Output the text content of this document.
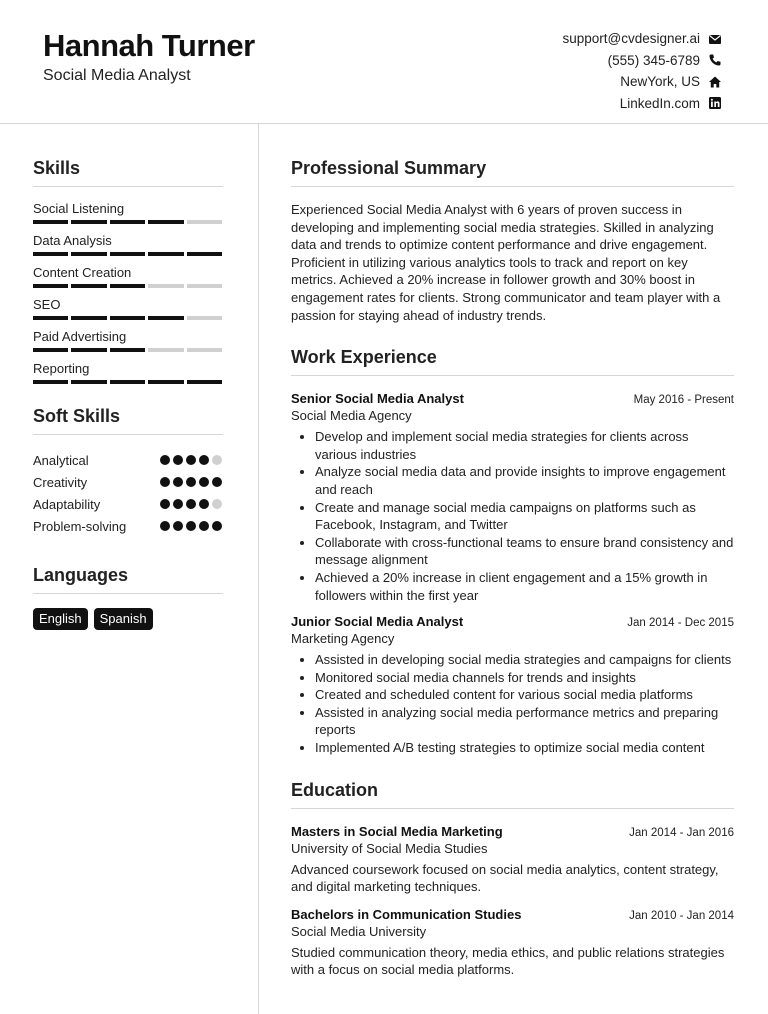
Hannah Turner
Social Media Analyst
support@cvdesigner.ai
(555) 345-6789
NewYork, US
LinkedIn.com
Skills
Social Listening
Data Analysis
Content Creation
SEO
Paid Advertising
Reporting
Soft Skills
Analytical
Creativity
Adaptability
Problem-solving
Languages
English	Spanish
Professional Summary
Experienced Social Media Analyst with 6 years of proven success in developing and implementing social media strategies. Skilled in analyzing data and trends to optimize content performance and drive engagement. Proficient in utilizing various analytics tools to track and report on key metrics. Achieved a 20% increase in follower growth and 30% boost in engagement rates for clients. Strong communicator and team player with a passion for staying ahead of industry trends.
Work Experience
Senior Social Media Analyst	May 2016 - Present
Social Media Agency
• Develop and implement social media strategies for clients across various industries
• Analyze social media data and provide insights to improve engagement and reach
• Create and manage social media campaigns on platforms such as Facebook, Instagram, and Twitter
• Collaborate with cross-functional teams to ensure brand consistency and message alignment
• Achieved a 20% increase in client engagement and a 15% growth in followers within the first year
Junior Social Media Analyst	Jan 2014 - Dec 2015
Marketing Agency
• Assisted in developing social media strategies and campaigns for clients
• Monitored social media channels for trends and insights
• Created and scheduled content for various social media platforms
• Assisted in analyzing social media performance metrics and preparing reports
• Implemented A/B testing strategies to optimize social media content
Education
Masters in Social Media Marketing	Jan 2014 - Jan 2016
University of Social Media Studies
Advanced coursework focused on social media analytics, content strategy, and digital marketing techniques.
Bachelors in Communication Studies	Jan 2010 - Jan 2014
Social Media University
Studied communication theory, media ethics, and public relations strategies with a focus on social media platforms.
